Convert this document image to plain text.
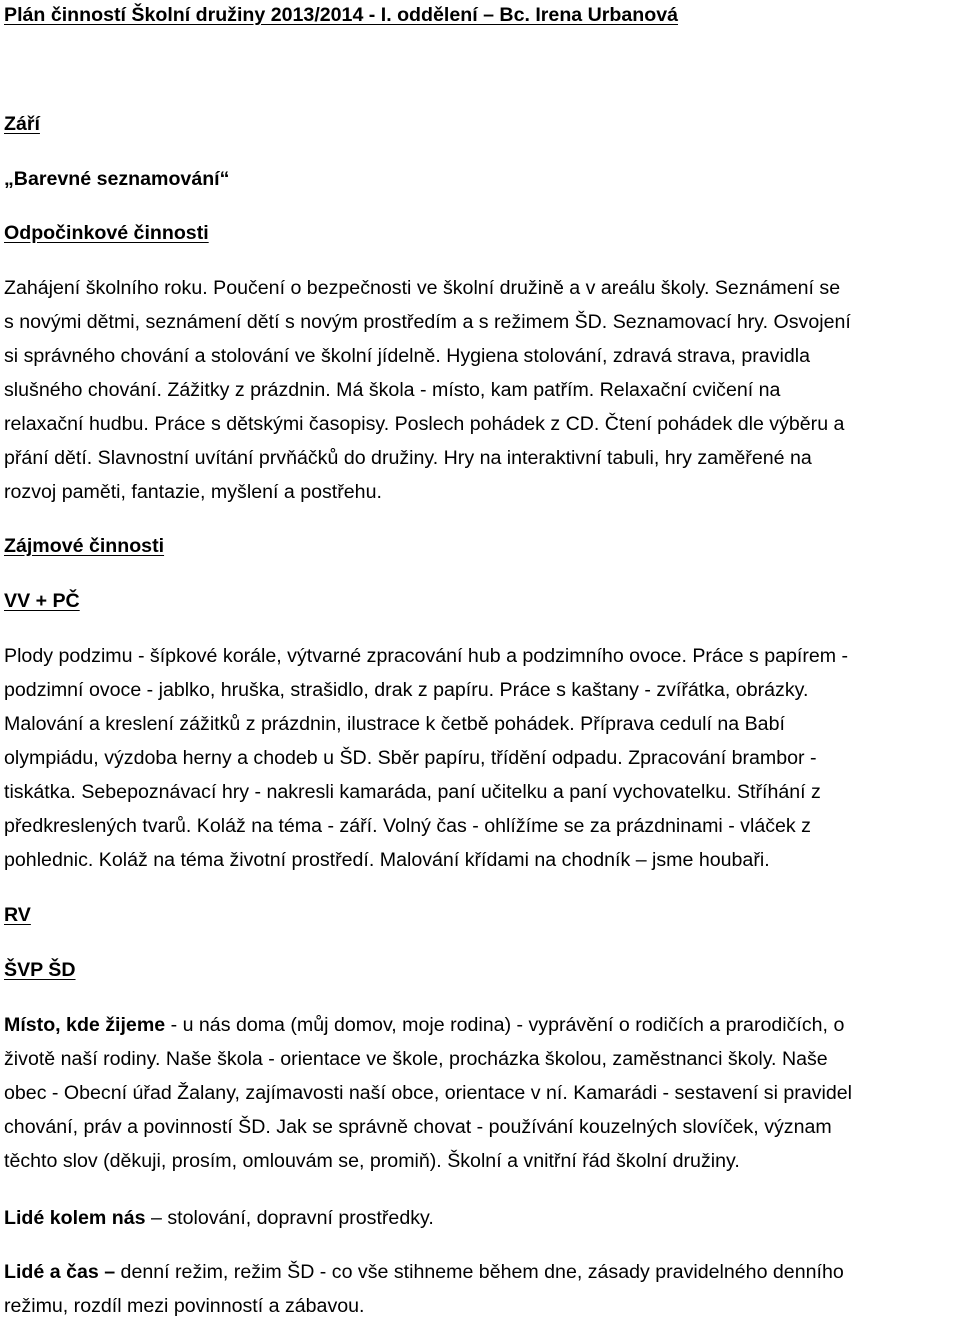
Plán činností Školní družiny 2013/2014 - I. oddělení – Bc. Irena Urbanová
Září
„Barevné seznamování“
Odpočinkové činnosti
Zahájení školního roku. Poučení o bezpečnosti ve školní družině a v areálu školy. Seznámení se
s novými dětmi, seznámení dětí s novým prostředím a s režimem ŠD. Seznamovací hry. Osvojení
si správného chování a stolování ve školní jídelně. Hygiena stolování, zdravá strava, pravidla
slušného chování. Zážitky z prázdnin. Má škola - místo, kam patřím. Relaxační cvičení na
relaxační hudbu. Práce s dětskými časopisy. Poslech pohádek z CD. Čtení pohádek dle výběru a
přání dětí. Slavnostní uvítání prvňáčků do družiny. Hry na interaktivní tabuli, hry zaměřené na
rozvoj paměti, fantazie, myšlení a postřehu.
Zájmové činnosti
VV + PČ
Plody podzimu - šípkové korále, výtvarné zpracování hub a podzimního ovoce. Práce s papírem -
podzimní ovoce - jablko, hruška, strašidlo, drak z papíru. Práce s kaštany - zvířátka, obrázky.
Malování a kreslení zážitků z prázdnin, ilustrace k četbě pohádek. Příprava cedulí na Babí
olympiádu, výzdoba herny a chodeb u ŠD. Sběr papíru, třídění odpadu. Zpracování brambor -
tiskátka. Sebepoznávací hry - nakresli kamaráda, paní učitelku a paní vychovatelku. Stříhání z
předkreslených tvarů. Koláž na téma - září. Volný čas - ohlížíme se za prázdninami - vláček z
pohlednic. Koláž na téma životní prostředí. Malování křídami na chodník – jsme houbaři.
RV
ŠVP ŠD
Místo, kde žijeme - u nás doma (můj domov, moje rodina) - vyprávění o rodičích a prarodičích, o
životě naší rodiny. Naše škola - orientace ve škole, procházka školou, zaměstnanci školy. Naše
obec - Obecní úřad Žalany, zajímavosti naší obce, orientace v ní. Kamarádi - sestavení si pravidel
chování, práv a povinností ŠD. Jak se správně chovat - používání kouzelných slovíček, význam
těchto slov (děkuji, prosím, omlouvám se, promiň). Školní a vnitřní řád školní družiny.
Lidé kolem nás – stolování, dopravní prostředky.
Lidé a čas – denní režim, režim ŠD - co vše stihneme během dne, zásady pravidelného denního
režimu, rozdíl mezi povinností a zábavou.
